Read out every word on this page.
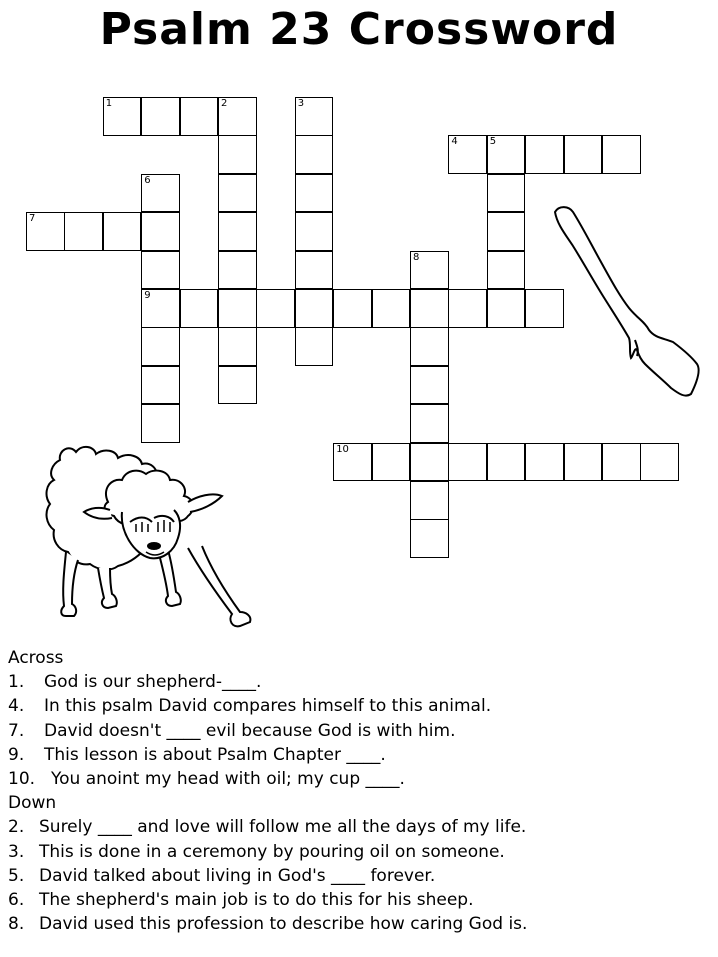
Psalm 23 Crossword
1	2	3
4	5
6
9
7
8
10
Across
1. God is our shepherd-____.
4. In this psalm David compares himself to this animal.
7. David doesn't ____ evil because God is with him.
9. This lesson is about Psalm Chapter ____.
10. You anoint my head with oil; my cup ____.
Down
2. Surely ____ and love will follow me all the days of my life.
3. This is done in a ceremony by pouring oil on someone.
5. David talked about living in God's ____ forever.
6. The shepherd's main job is to do this for his sheep.
8. David used this profession to describe how caring God is.
